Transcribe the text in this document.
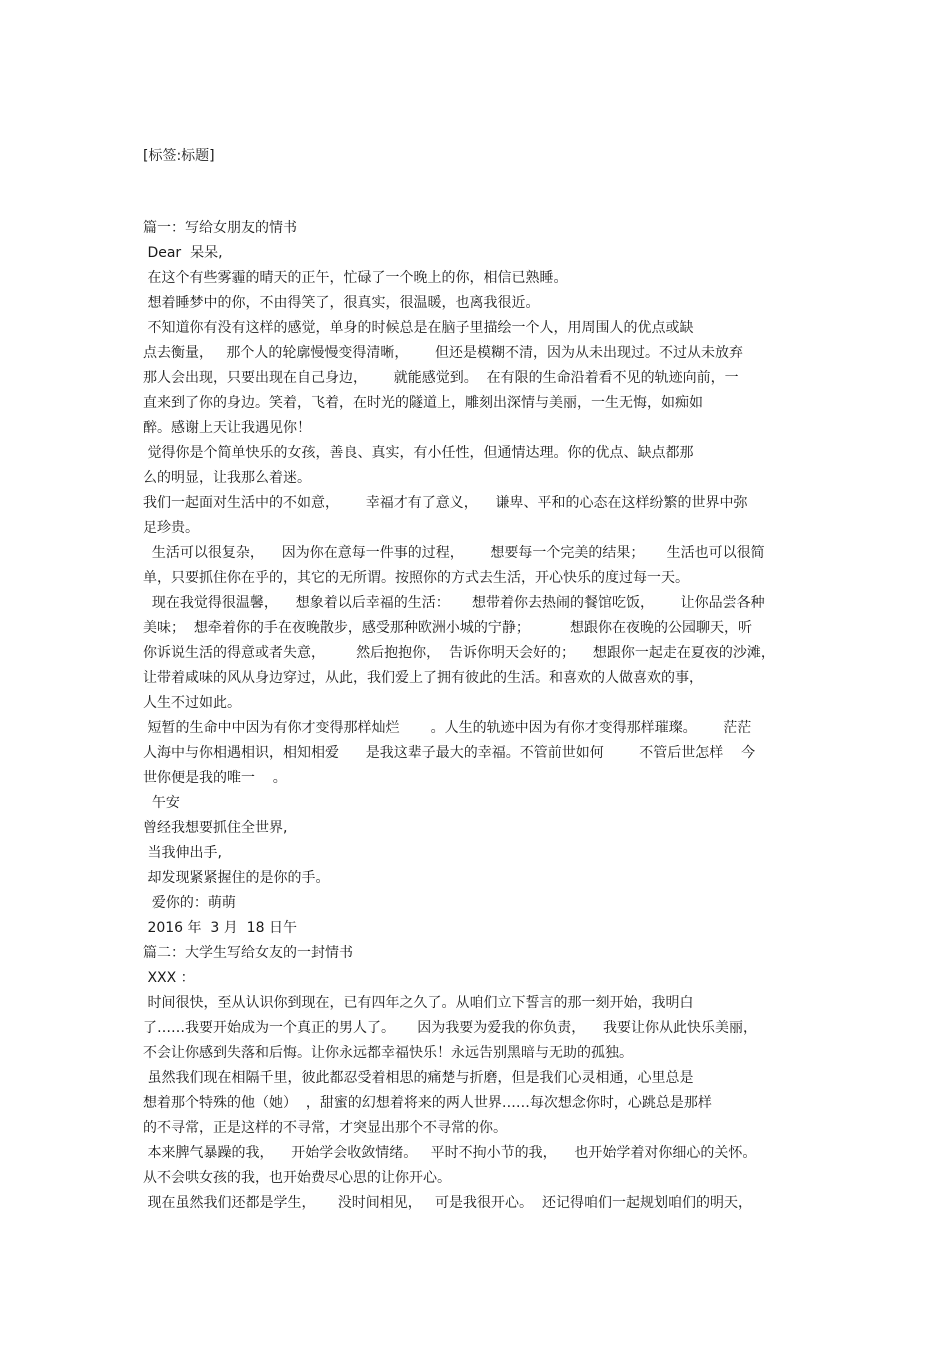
[标签:标题]
篇一：写给女朋友的情书
Dear  呆呆,
在这个有些雾霾的晴天的正午，忙碌了一个晚上的你，相信已熟睡。
想着睡梦中的你，不由得笑了，很真实，很温暖，也离我很近。
不知道你有没有这样的感觉，单身的时候总是在脑子里描绘一个人，用周围人的优点或缺
点去衡量，   那个人的轮廓慢慢变得清晰，      但还是模糊不清，因为从未出现过。不过从未放弃
那人会出现，只要出现在自己身边，      就能感觉到。  在有限的生命沿着看不见的轨迹向前，一
直来到了你的身边。笑着，飞着，在时光的隧道上，雕刻出深情与美丽，一生无悔，如痴如
醉。感谢上天让我遇见你！
觉得你是个简单快乐的女孩，善良、真实，有小任性，但通情达理。你的优点、缺点都那
么的明显，让我那么着迷。
我们一起面对生活中的不如意，      幸福才有了意义，    谦卑、平和的心态在这样纷繁的世界中弥
足珍贵。
生活可以很复杂，    因为你在意每一件事的过程，      想要每一个完美的结果；     生活也可以很简
单，只要抓住你在乎的，其它的无所谓。按照你的方式去生活，开心快乐的度过每一天。
现在我觉得很温馨，    想象着以后幸福的生活：     想带着你去热闹的餐馆吃饭，      让你品尝各种
美味；  想牵着你的手在夜晚散步，感受那种欧洲小城的宁静；         想跟你在夜晚的公园聊天，听
你诉说生活的得意或者失意，       然后抱抱你，  告诉你明天会好的；    想跟你一起走在夏夜的沙滩，
让带着咸味的风从身边穿过，从此，我们爱上了拥有彼此的生活。和喜欢的人做喜欢的事，
人生不过如此。
短暂的生命中中因为有你才变得那样灿烂       。人生的轨迹中因为有你才变得那样璀璨。      茫茫
人海中与你相遇相识，相知相爱      是我这辈子最大的幸福。不管前世如何        不管后世怎样    今
世你便是我的唯一    。
午安
曾经我想要抓住全世界,
当我伸出手,
却发现紧紧握住的是你的手。
爱你的：萌萌
2016 年  3 月  18 日午
篇二：大学生写给女友的一封情书
XXX ：
时间很快，至从认识你到现在，已有四年之久了。从咱们立下誓言的那一刻开始，我明白
了……我要开始成为一个真正的男人了。     因为我要为爱我的你负责，    我要让你从此快乐美丽，
不会让你感到失落和后悔。让你永远都幸福快乐！永远告别黑暗与无助的孤独。
虽然我们现在相隔千里，彼此都忍受着相思的痛楚与折磨，但是我们心灵相通，心里总是
想着那个特殊的他（她）  ，甜蜜的幻想着将来的两人世界……每次想念你时，心跳总是那样
的不寻常，正是这样的不寻常，才突显出那个不寻常的你。
本来脾气暴躁的我，    开始学会收敛情绪。   平时不拘小节的我，    也开始学着对你细心的关怀。
从不会哄女孩的我，也开始费尽心思的让你开心。
现在虽然我们还都是学生，     没时间相见，   可是我很开心。  还记得咱们一起规划咱们的明天，
